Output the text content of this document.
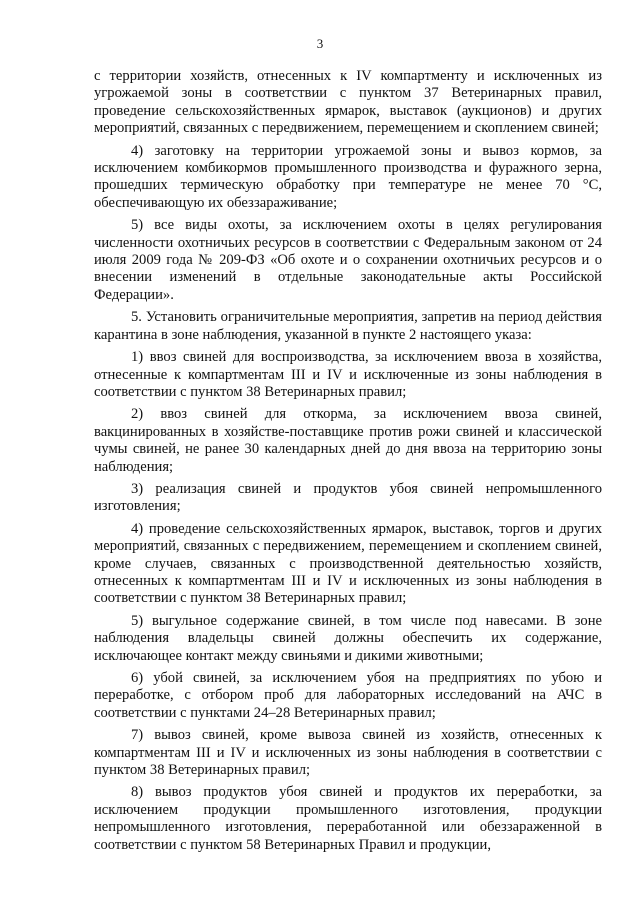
3

с территории хозяйств, отнесенных к IV компартменту и исключенных из угрожаемой зоны в соответствии с пунктом 37 Ветеринарных правил, проведение сельскохозяйственных ярмарок, выставок (аукционов) и других мероприятий, связанных с передвижением, перемещением и скоплением свиней;

4) заготовку на территории угрожаемой зоны и вывоз кормов, за исключением комбикормов промышленного производства и фуражного зерна, прошедших термическую обработку при температуре не менее 70 °С, обеспечивающую их обеззараживание;

5) все виды охоты, за исключением охоты в целях регулирования численности охотничьих ресурсов в соответствии с Федеральным законом от 24 июля 2009 года № 209-ФЗ «Об охоте и о сохранении охотничьих ресурсов и о внесении изменений в отдельные законодательные акты Российской Федерации».

5. Установить ограничительные мероприятия, запретив на период действия карантина в зоне наблюдения, указанной в пункте 2 настоящего указа:

1) ввоз свиней для воспроизводства, за исключением ввоза в хозяйства, отнесенные к компартментам III и IV и исключенные из зоны наблюдения в соответствии с пунктом 38 Ветеринарных правил;

2) ввоз свиней для откорма, за исключением ввоза свиней, вакцинированных в хозяйстве-поставщике против рожи свиней и классической чумы свиней, не ранее 30 календарных дней до дня ввоза на территорию зоны наблюдения;

3) реализация свиней и продуктов убоя свиней непромышленного изготовления;

4) проведение сельскохозяйственных ярмарок, выставок, торгов и других мероприятий, связанных с передвижением, перемещением и скоплением свиней, кроме случаев, связанных с производственной деятельностью хозяйств, отнесенных к компартментам III и IV и исключенных из зоны наблюдения в соответствии с пунктом 38 Ветеринарных правил;

5) выгульное содержание свиней, в том числе под навесами. В зоне наблюдения владельцы свиней должны обеспечить их содержание, исключающее контакт между свиньями и дикими животными;

6) убой свиней, за исключением убоя на предприятиях по убою и переработке, с отбором проб для лабораторных исследований на АЧС в соответствии с пунктами 24–28 Ветеринарных правил;

7) вывоз свиней, кроме вывоза свиней из хозяйств, отнесенных к компартментам III и IV и исключенных из зоны наблюдения в соответствии с пунктом 38 Ветеринарных правил;

8) вывоз продуктов убоя свиней и продуктов их переработки, за исключением продукции промышленного изготовления, продукции непромышленного изготовления, переработанной или обеззараженной в соответствии с пунктом 58 Ветеринарных Правил и продукции,
